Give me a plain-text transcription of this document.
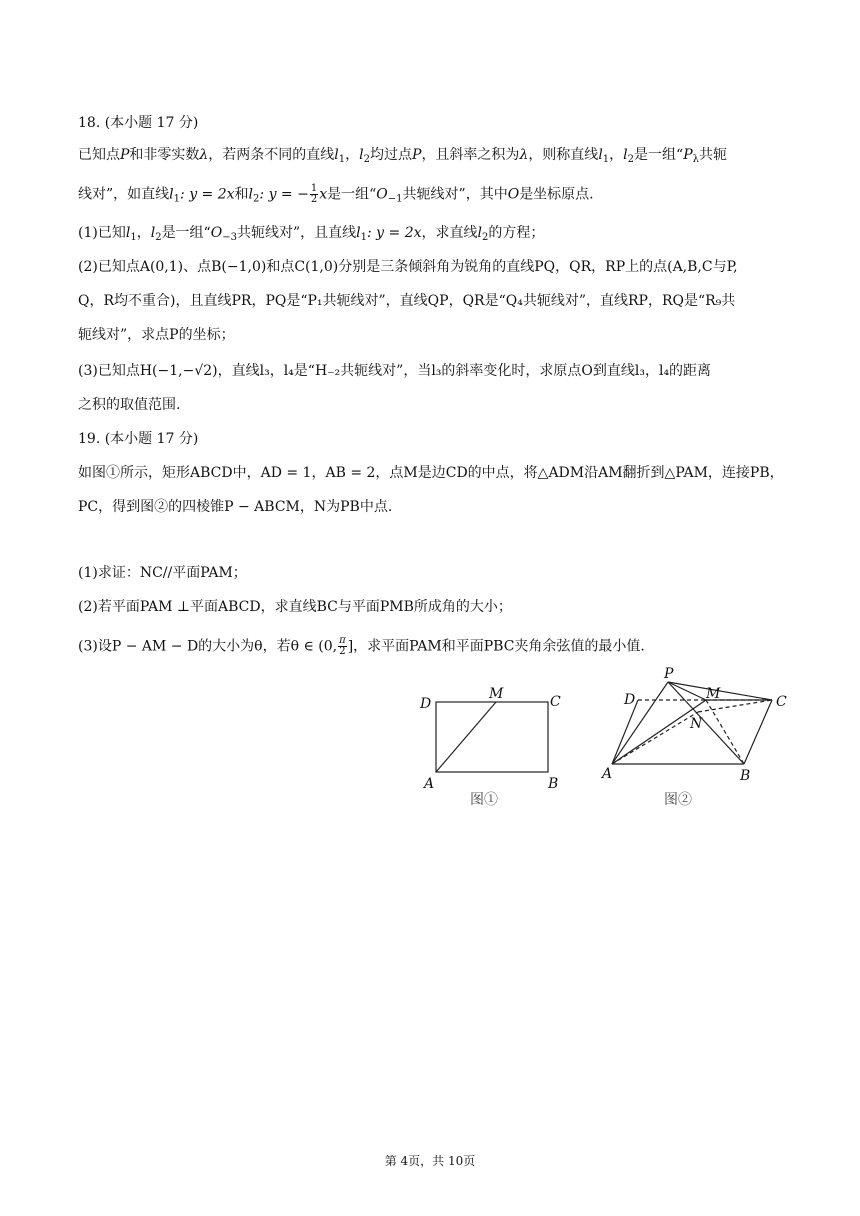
18. (本小题 17 分)
已知点P和非零实数λ，若两条不同的直线$l_1$，$l_2$均过点P，且斜率之积为λ，则称直线$l_1$，$l_2$是一组“$P_\lambda$共轭
线对”，如直线$l_1$: y = 2x和$l_2$: y = − $\frac{1}{2}$ x是一组“$O_{-1}$共轭线对”，其中O是坐标原点.
(1)已知$l_1$，$l_2$是一组“$O_{-3}$共轭线对”，且直线$l_1$: y = 2x，求直线$l_2$的方程；
(2)已知点A(0,1)、点B(−1,0)和点C(1,0)分别是三条倾斜角为锐角的直线PQ，QR，RP上的点(A,B,C与P,
Q，R均不重合)，且直线PR，PQ是“P₁共轭线对”，直线QP，QR是“Q₄共轭线对”，直线RP，RQ是“R₉共
轭线对”，求点P的坐标；
(3)已知点H(−1,−√2)，直线l₃，l₄是“H₋₂共轭线对”，当l₃的斜率变化时，求原点O到直线l₃，l₄的距离
之积的取值范围.
19. (本小题 17 分)
如图①所示，矩形ABCD中，AD = 1，AB = 2，点M是边CD的中点，将△ADM沿AM翻折到△PAM，连接PB，
PC，得到图②的四棱锥P − ABCM，N为PB中点.
(1)求证：NC//平面PAM；
(2)若平面PAM ⊥平面ABCD，求直线BC与平面PMB所成角的大小；
(3)设P − AM − D的大小为θ，若θ ∈ (0, $\frac{\pi}{2}$ ]，求平面PAM和平面PBC夹角余弦值的最小值.
D
M	C
A	B
图①
P
D	M
N
C
A	B
图②
第 4页，共 10页
